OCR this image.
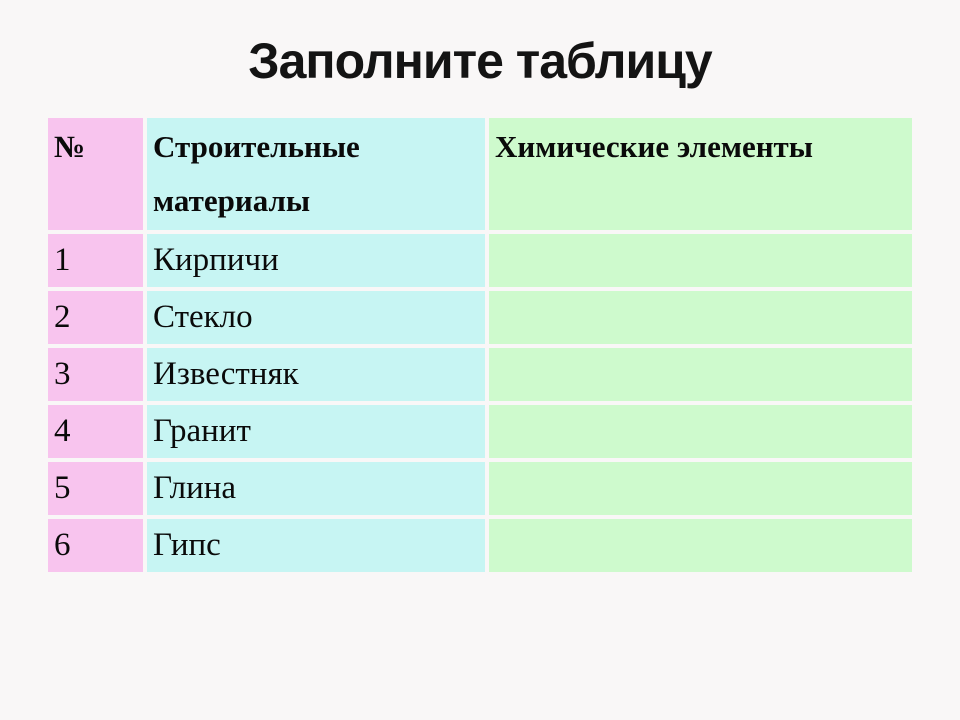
Заполните таблицу
№	Строительные материалы	Химические элементы
1	Кирпичи	
2	Стекло	
3	Известняк	
4	Гранит	
5	Глина	
6	Гипс	
